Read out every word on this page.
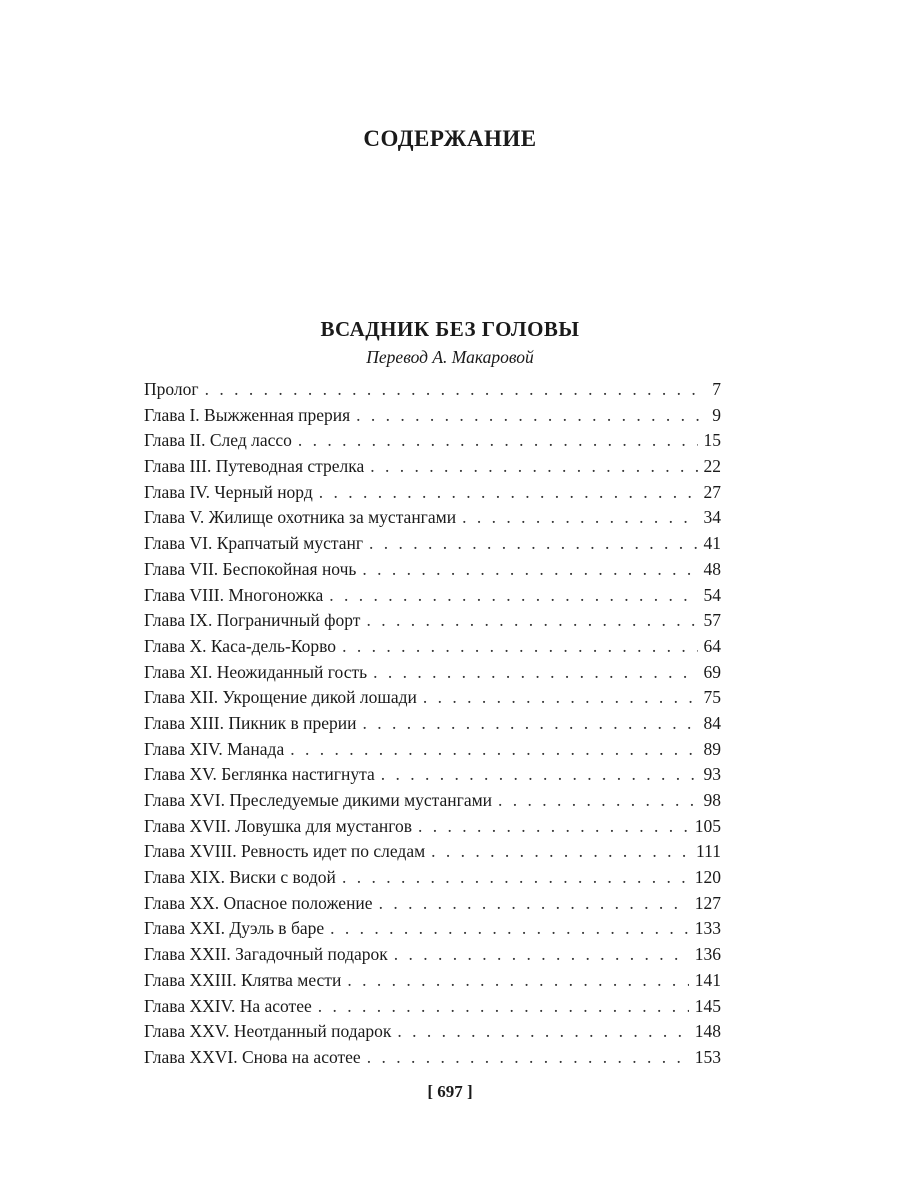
СОДЕРЖАНИЕ
ВСАДНИК БЕЗ ГОЛОВЫ
Перевод А. Макаровой
Пролог . . .	7
Глава I. Выжженная прерия . . .	9
Глава II. След лассо . . .	15
Глава III. Путеводная стрелка . . .	22
Глава IV. Черный норд . . .	27
Глава V. Жилище охотника за мустангами . . .	34
Глава VI. Крапчатый мустанг . . .	41
Глава VII. Беспокойная ночь . . .	48
Глава VIII. Многоножка . . .	54
Глава IX. Пограничный форт . . .	57
Глава X. Каса-дель-Корво . . .	64
Глава XI. Неожиданный гость . . .	69
Глава XII. Укрощение дикой лошади . . .	75
Глава XIII. Пикник в прерии . . .	84
Глава XIV. Манада . . .	89
Глава XV. Беглянка настигнута . . .	93
Глава XVI. Преследуемые дикими мустангами . . .	98
Глава XVII. Ловушка для мустангов . . .	105
Глава XVIII. Ревность идет по следам . . .	111
Глава XIX. Виски с водой . . .	120
Глава XX. Опасное положение . . .	127
Глава XXI. Дуэль в баре . . .	133
Глава XXII. Загадочный подарок . . .	136
Глава XXIII. Клятва мести . . .	141
Глава XXIV. На асотее . . .	145
Глава XXV. Неотданный подарок . . .	148
Глава XXVI. Снова на асотее . . .	153
[ 697 ]
